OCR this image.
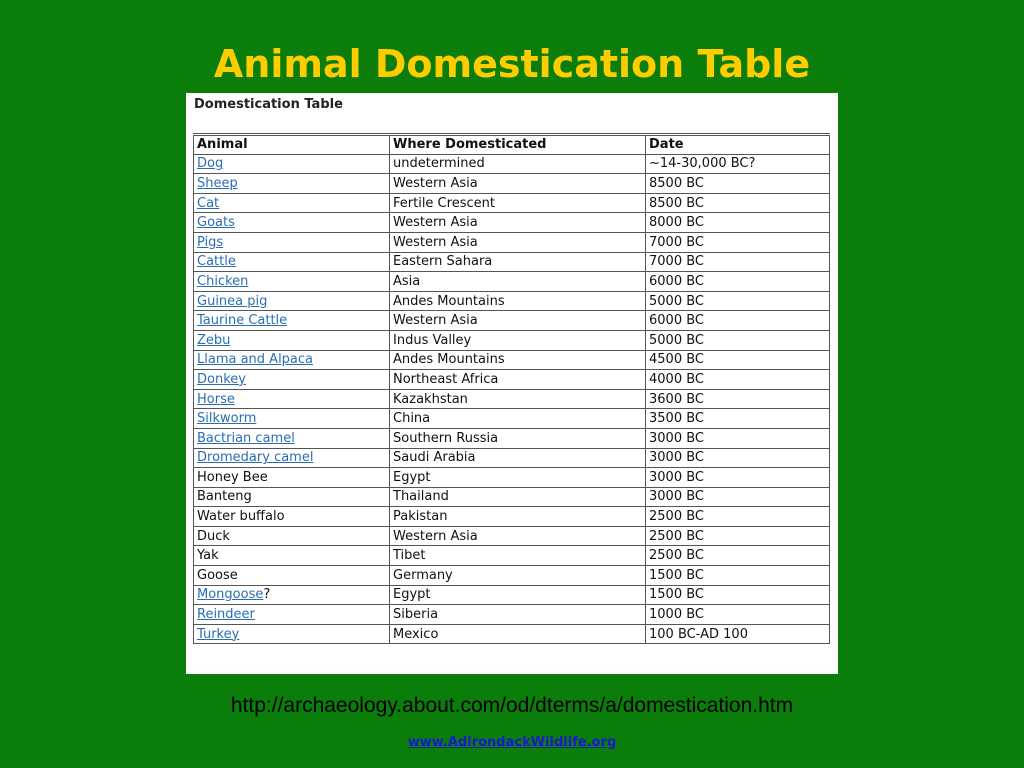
Animal Domestication Table
Domestication Table
Animal	Where Domesticated	Date
Dog	undetermined	~14-30,000 BC?
Sheep	Western Asia	8500 BC
Cat	Fertile Crescent	8500 BC
Goats	Western Asia	8000 BC
Pigs	Western Asia	7000 BC
Cattle	Eastern Sahara	7000 BC
Chicken	Asia	6000 BC
Guinea pig	Andes Mountains	5000 BC
Taurine Cattle	Western Asia	6000 BC
Zebu	Indus Valley	5000 BC
Llama and Alpaca	Andes Mountains	4500 BC
Donkey	Northeast Africa	4000 BC
Horse	Kazakhstan	3600 BC
Silkworm	China	3500 BC
Bactrian camel	Southern Russia	3000 BC
Dromedary camel	Saudi Arabia	3000 BC
Honey Bee	Egypt	3000 BC
Banteng	Thailand	3000 BC
Water buffalo	Pakistan	2500 BC
Duck	Western Asia	2500 BC
Yak	Tibet	2500 BC
Goose	Germany	1500 BC
Mongoose?	Egypt	1500 BC
Reindeer	Siberia	1000 BC
Turkey	Mexico	100 BC-AD 100
http://archaeology.about.com/od/dterms/a/domestication.htm
www.AdirondackWildlife.org
